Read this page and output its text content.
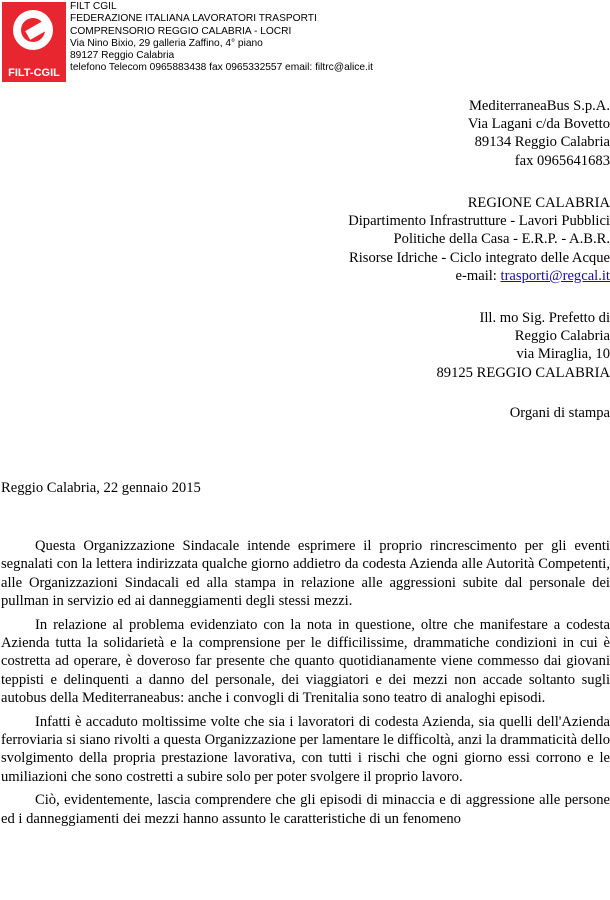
FILT-CGIL
FILT CGIL
FEDERAZIONE ITALIANA LAVORATORI TRASPORTI
COMPRENSORIO REGGIO CALABRIA - LOCRI
Via Nino Bixio, 29 galleria Zaffino, 4° piano
89127 Reggio Calabria
telefono Telecom 0965883438 fax 0965332557 email: filtrc@alice.it
MediterraneaBus S.p.A.
Via Lagani c/da Bovetto
89134 Reggio Calabria
fax 0965641683
REGIONE CALABRIA
Dipartimento Infrastrutture - Lavori Pubblici
Politiche della Casa - E.R.P. - A.B.R.
Risorse Idriche - Ciclo integrato delle Acque
e-mail: trasporti@regcal.it
Ill. mo Sig. Prefetto di
Reggio Calabria
via Miraglia, 10
89125 REGGIO CALABRIA
Organi di stampa
Reggio Calabria, 22 gennaio 2015

Questa Organizzazione Sindacale intende esprimere il proprio rincrescimento per gli eventi segnalati con la lettera indirizzata qualche giorno addietro da codesta Azienda alle Autorità Competenti, alle Organizzazioni Sindacali ed alla stampa in relazione alle aggressioni subite dal personale dei pullman in servizio ed ai danneggiamenti degli stessi mezzi.

In relazione al problema evidenziato con la nota in questione, oltre che manifestare a codesta Azienda tutta la solidarietà e la comprensione per le difficilissime, drammatiche condizioni in cui è costretta ad operare, è doveroso far presente che quanto quotidianamente viene commesso dai giovani teppisti e delinquenti a danno del personale, dei viaggiatori e dei mezzi non accade soltanto sugli autobus della Mediterraneabus: anche i convogli di Trenitalia sono teatro di analoghi episodi.

Infatti è accaduto moltissime volte che sia i lavoratori di codesta Azienda, sia quelli dell'Azienda ferroviaria si siano rivolti a questa Organizzazione per lamentare le difficoltà, anzi la drammaticità dello svolgimento della propria prestazione lavorativa, con tutti i rischi che ogni giorno essi corrono e le umiliazioni che sono costretti a subire solo per poter svolgere il proprio lavoro.

Ciò, evidentemente, lascia comprendere che gli episodi di minaccia e di aggressione alle persone ed i danneggiamenti dei mezzi hanno assunto le caratteristiche di un fenomeno
